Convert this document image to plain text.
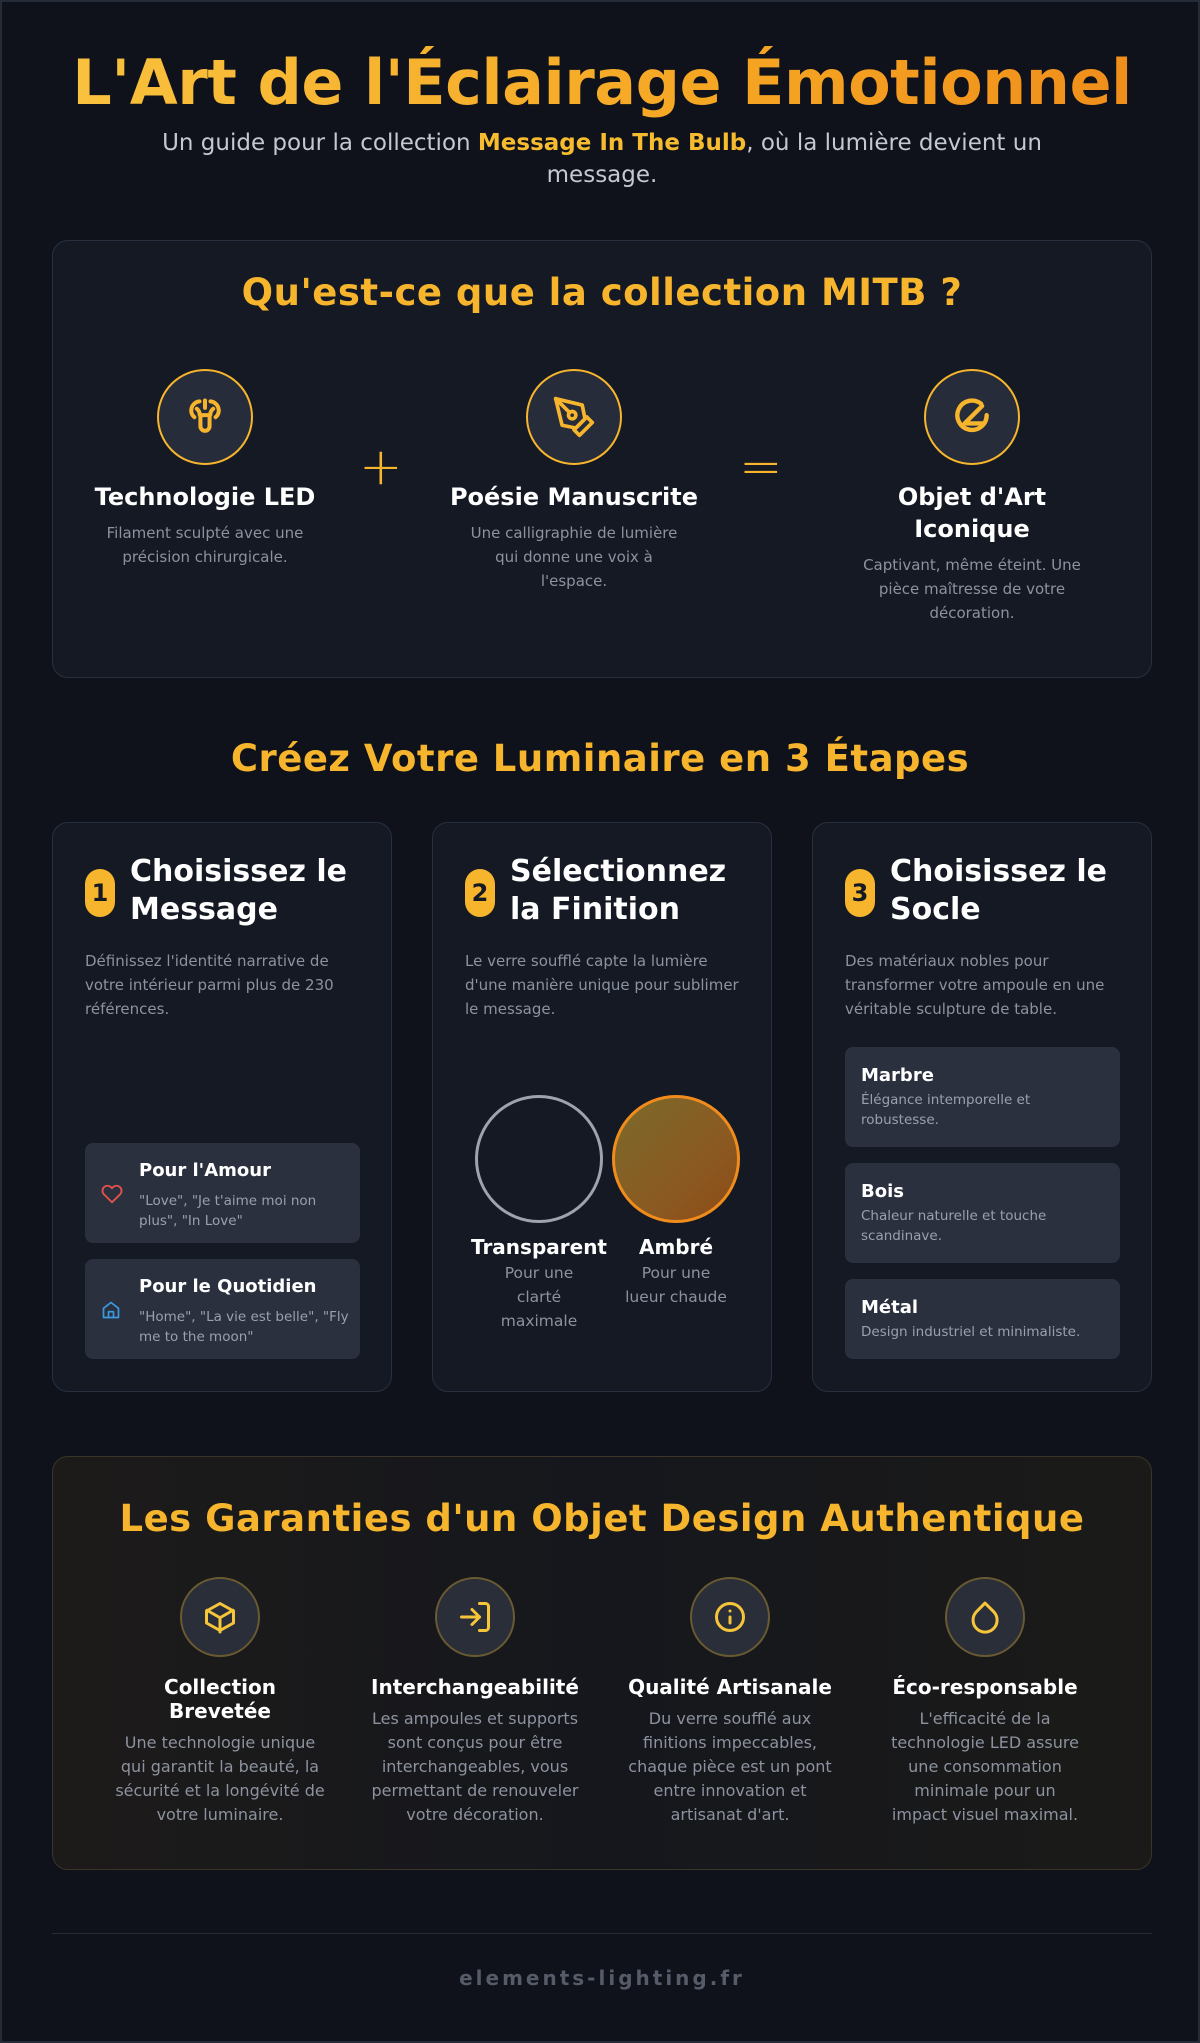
L'Art de l'Éclairage Émotionnel

Un guide pour la collection Message In The Bulb, où la lumière devient un message.

Qu'est-ce que la collection MITB ?
Technologie LED
Filament sculpté avec une précision chirurgicale.
+ Poésie Manuscrite
Une calligraphie de lumière qui donne une voix à l'espace.
=	Objet d'Art Iconique
Captivant, même éteint. Une pièce maîtresse de votre décoration.
Créez Votre Luminaire en 3 Étapes
1
Choisissez le Message
Définissez l'identité narrative de votre intérieur parmi plus de 230 références.
Pour l'Amour
"Love", "Je t'aime moi non plus", "In Love"
Pour le Quotidien
"Home", "La vie est belle", "Fly me to the moon"
2
Sélectionnez la Finition
Le verre soufflé capte la lumière d'une manière unique pour sublimer le message.
Transparent
Pour une clarté maximale
Ambré
Pour une lueur chaude
3
Choisissez le Socle
Des matériaux nobles pour transformer votre ampoule en une véritable sculpture de table.
Marbre
Élégance intemporelle et robustesse.
Bois
Chaleur naturelle et touche scandinave.
Métal
Design industriel et minimaliste.
Les Garanties d'un Objet Design Authentique
Collection Brevetée
Une technologie unique qui garantit la beauté, la sécurité et la longévité de votre luminaire.
Interchangeabilité
Les ampoules et supports sont conçus pour être interchangeables, vous permettant de renouveler votre décoration.
Qualité Artisanale
Du verre soufflé aux finitions impeccables, chaque pièce est un pont entre innovation et artisanat d'art.
Éco-responsable
L'efficacité de la technologie LED assure une consommation minimale pour un impact visuel maximal.
elements-lighting.fr
